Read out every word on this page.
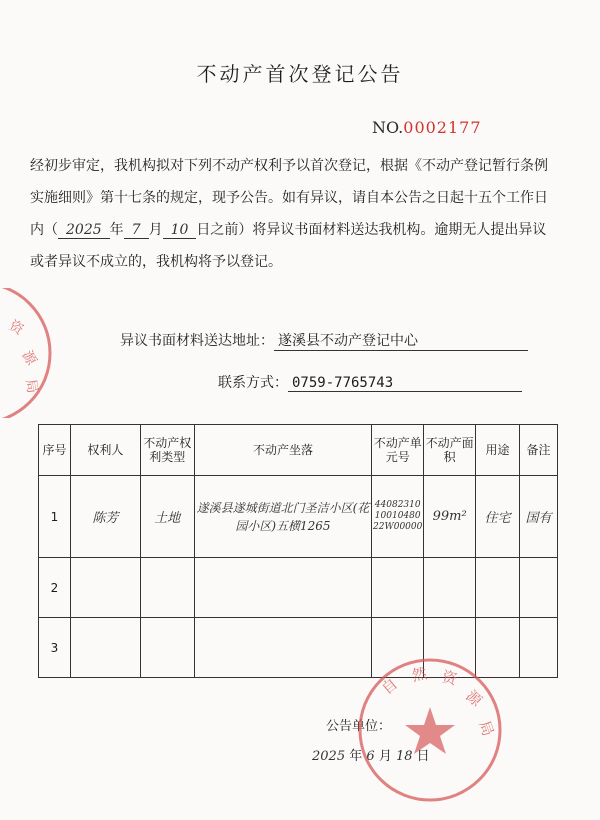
不动产首次登记公告
NO.0002177
经初步审定，我机构拟对下列不动产权利予以首次登记，根据《不动产登记暂行条例实施细则》第十七条的规定，现予公告。如有异议，请自本公告之日起十五个工作日内（ 2025 年 7 月 10 日之前）将异议书面材料送达我机构。逾期无人提出异议或者异议不成立的，我机构将予以登记。
异议书面材料送达地址： 遂溪县不动产登记中心
联系方式： 0759-7765743
序号	权利人	不动产权利类型	不动产坐落	不动产单元号	不动产面 积	用途	备注
1	陈芳	土地	遂溪县遂城街道北门圣洁小区(花园小区)五横1265	440823101001048022W00000	99m²	住宅	国有
2							
3							
公告单位：
2025 年 6 月 18 日
资
源
局
自
然 资
源
局
